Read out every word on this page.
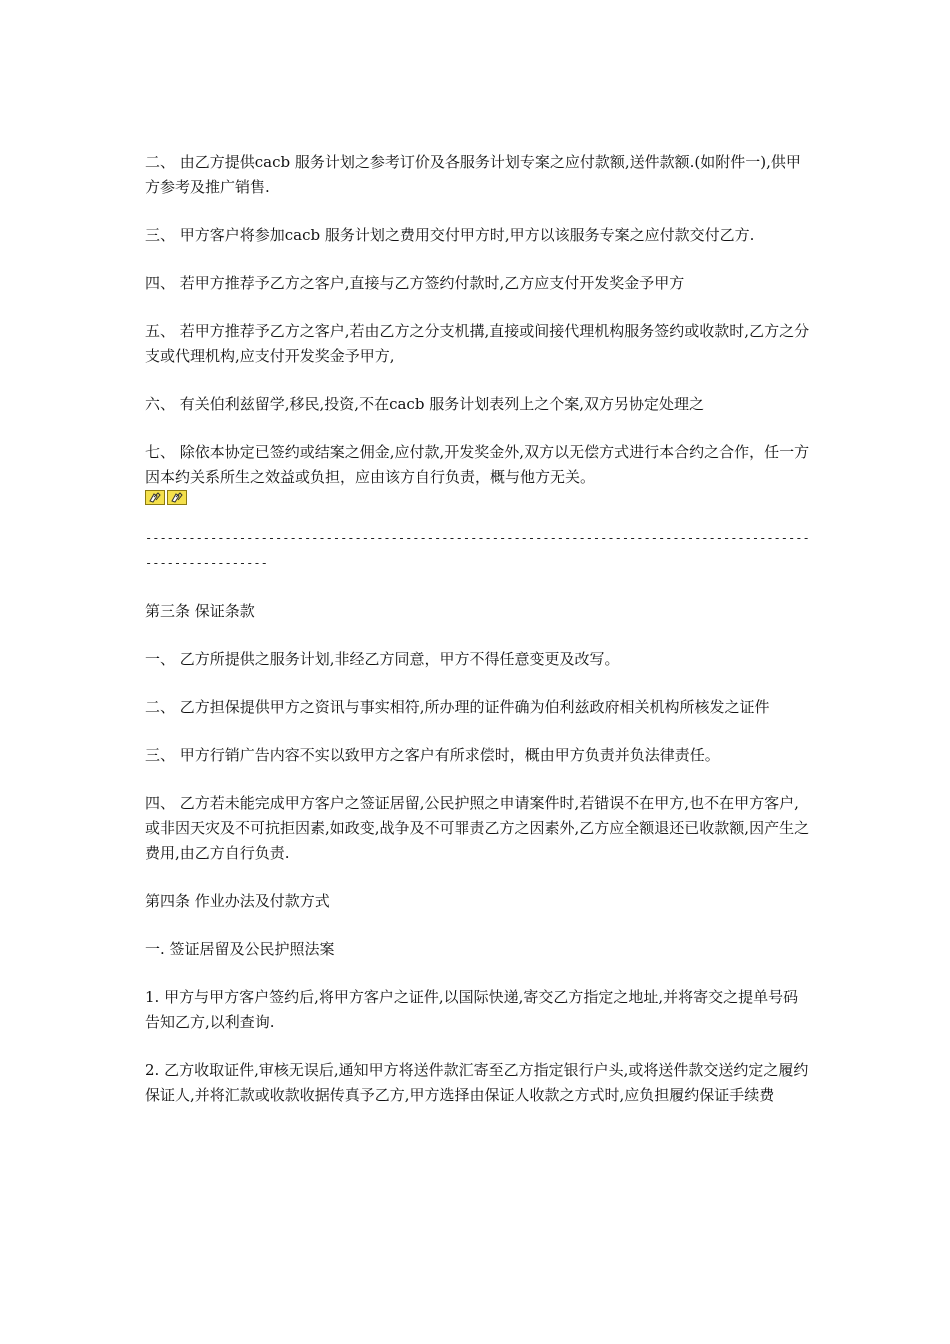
二、 由乙方提供cacb 服务计划之参考订价及各服务计划专案之应付款额,送件款额.(如附件一),供甲方参考及推广销售.

三、 甲方客户将参加cacb 服务计划之费用交付甲方时,甲方以该服务专案之应付款交付乙方.

四、 若甲方推荐予乙方之客户,直接与乙方签约付款时,乙方应支付开发奖金予甲方

五、 若甲方推荐予乙方之客户,若由乙方之分支机搆,直接或间接代理机构服务签约或收款时,乙方之分支或代理机构,应支付开发奖金予甲方,

六、 有关伯利兹留学,移民,投资,不在cacb 服务计划表列上之个案,双方另协定处理之

七、 除依本协定已签约或结案之佣金,应付款,开发奖金外,双方以无偿方式进行本合约之合作，任一方因本约关系所生之效益或负担，应由该方自行负责，概与他方无关。

-------------------------------------------------------------------------------------------------------------

第三条 保证条款

一、 乙方所提供之服务计划,非经乙方同意，甲方不得任意变更及改写。

二、 乙方担保提供甲方之资讯与事实相符,所办理的证件确为伯利兹政府相关机构所核发之证件

三、 甲方行销广告内容不实以致甲方之客户有所求偿时，概由甲方负责并负法律责任。

四、 乙方若未能完成甲方客户之签证居留,公民护照之申请案件时,若错误不在甲方,也不在甲方客户,或非因天灾及不可抗拒因素,如政变,战争及不可罪责乙方之因素外,乙方应全额退还已收款额,因产生之费用,由乙方自行负责.

第四条 作业办法及付款方式

一. 签证居留及公民护照法案

1. 甲方与甲方客户签约后,将甲方客户之证件,以国际快递,寄交乙方指定之地址,并将寄交之提单号码告知乙方,以利查询.

2. 乙方收取证件,审核无误后,通知甲方将送件款汇寄至乙方指定银行户头,或将送件款交送约定之履约保证人,并将汇款或收款收据传真予乙方,甲方选择由保证人收款之方式时,应负担履约保证手续费
